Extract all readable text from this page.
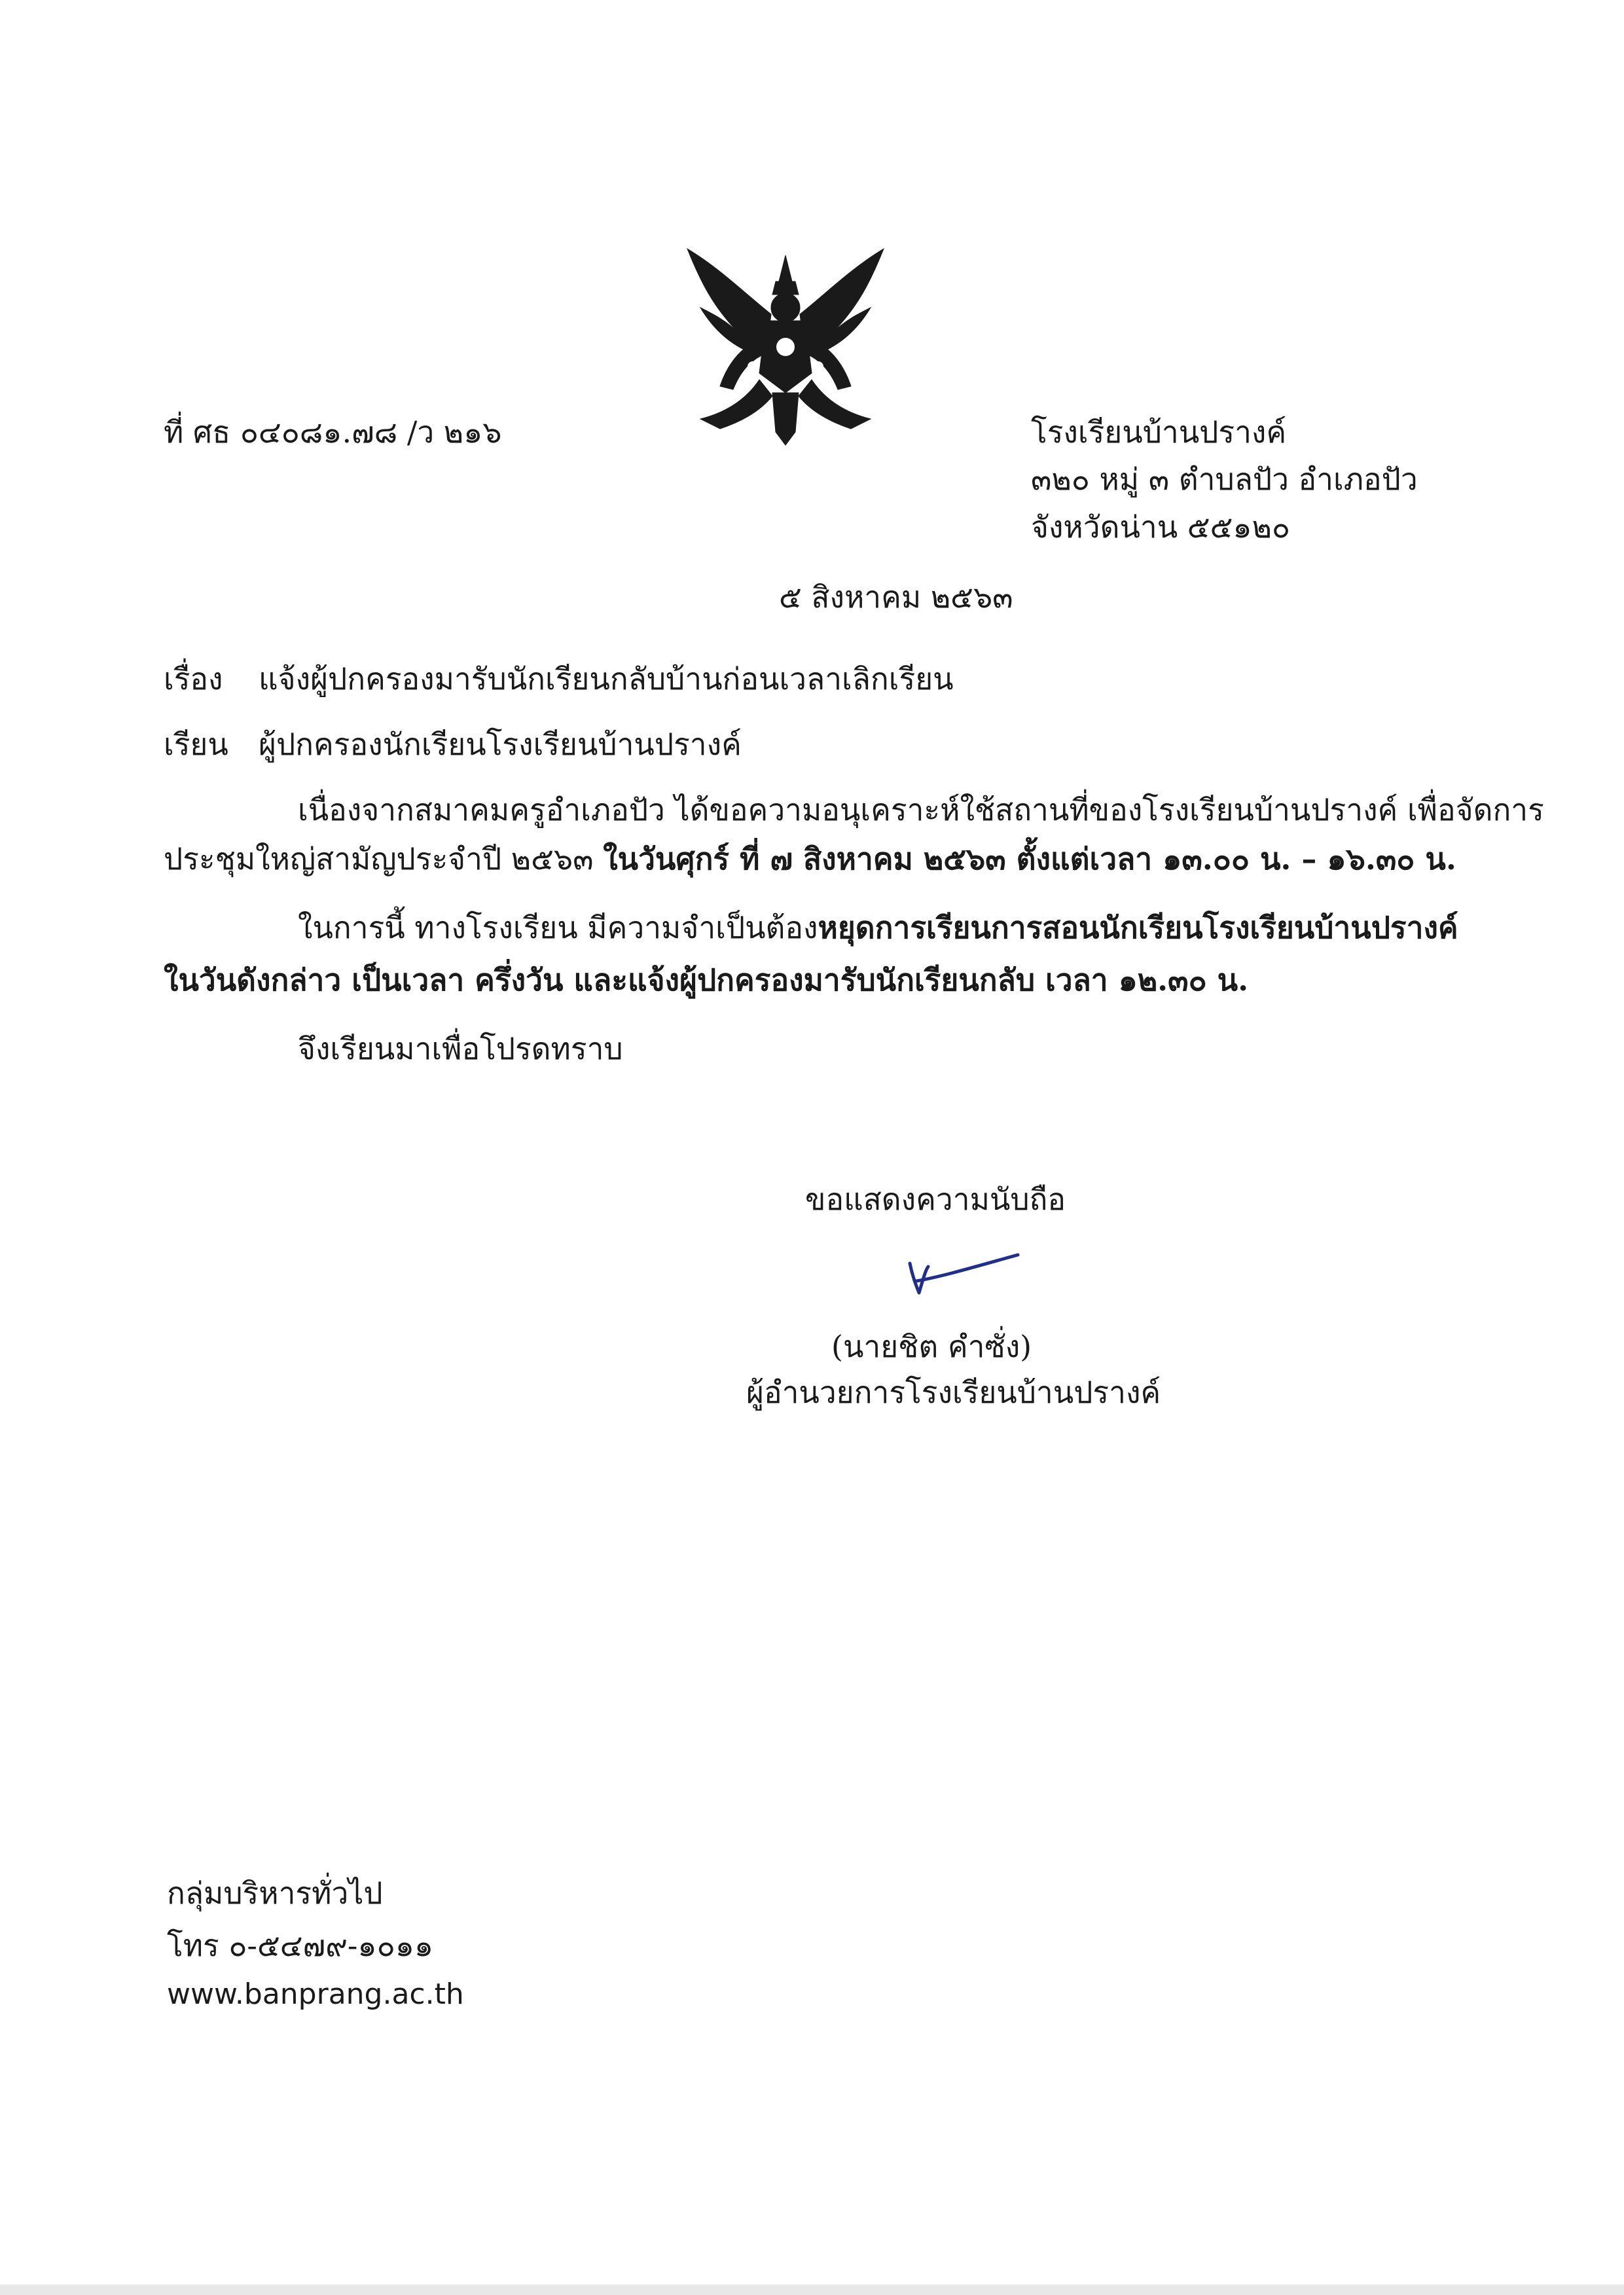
ที่ ศธ ๐๔๐๘๑.๗๘ /ว ๒๑๖	โรงเรียนบ้านปรางค์
๓๒๐ หมู่ ๓ ตำบลปัว อำเภอปัว
จังหวัดน่าน ๕๕๑๒๐
๕ สิงหาคม ๒๕๖๓
เรื่อง แจ้งผู้ปกครองมารับนักเรียนกลับบ้านก่อนเวลาเลิกเรียน
เรียน ผู้ปกครองนักเรียนโรงเรียนบ้านปรางค์
เนื่องจากสมาคมครูอำเภอปัว ได้ขอความอนุเคราะห์ใช้สถานที่ของโรงเรียนบ้านปรางค์ เพื่อจัดการ
ประชุมใหญ่สามัญประจำปี ๒๕๖๓ ในวันศุกร์ ที่ ๗ สิงหาคม ๒๕๖๓ ตั้งแต่เวลา ๑๓.๐๐ น. – ๑๖.๓๐ น.
ในการนี้ ทางโรงเรียน มีความจำเป็นต้องหยุดการเรียนการสอนนักเรียนโรงเรียนบ้านปรางค์
ในวันดังกล่าว เป็นเวลา ครึ่งวัน และแจ้งผู้ปกครองมารับนักเรียนกลับ เวลา ๑๒.๓๐ น.
จึงเรียนมาเพื่อโปรดทราบ
ขอแสดงความนับถือ
(นายชิต คำซั่ง)
ผู้อำนวยการโรงเรียนบ้านปรางค์
กลุ่มบริหารทั่วไป
โทร ๐-๕๔๗๙-๑๐๑๑
www.banprang.ac.th
